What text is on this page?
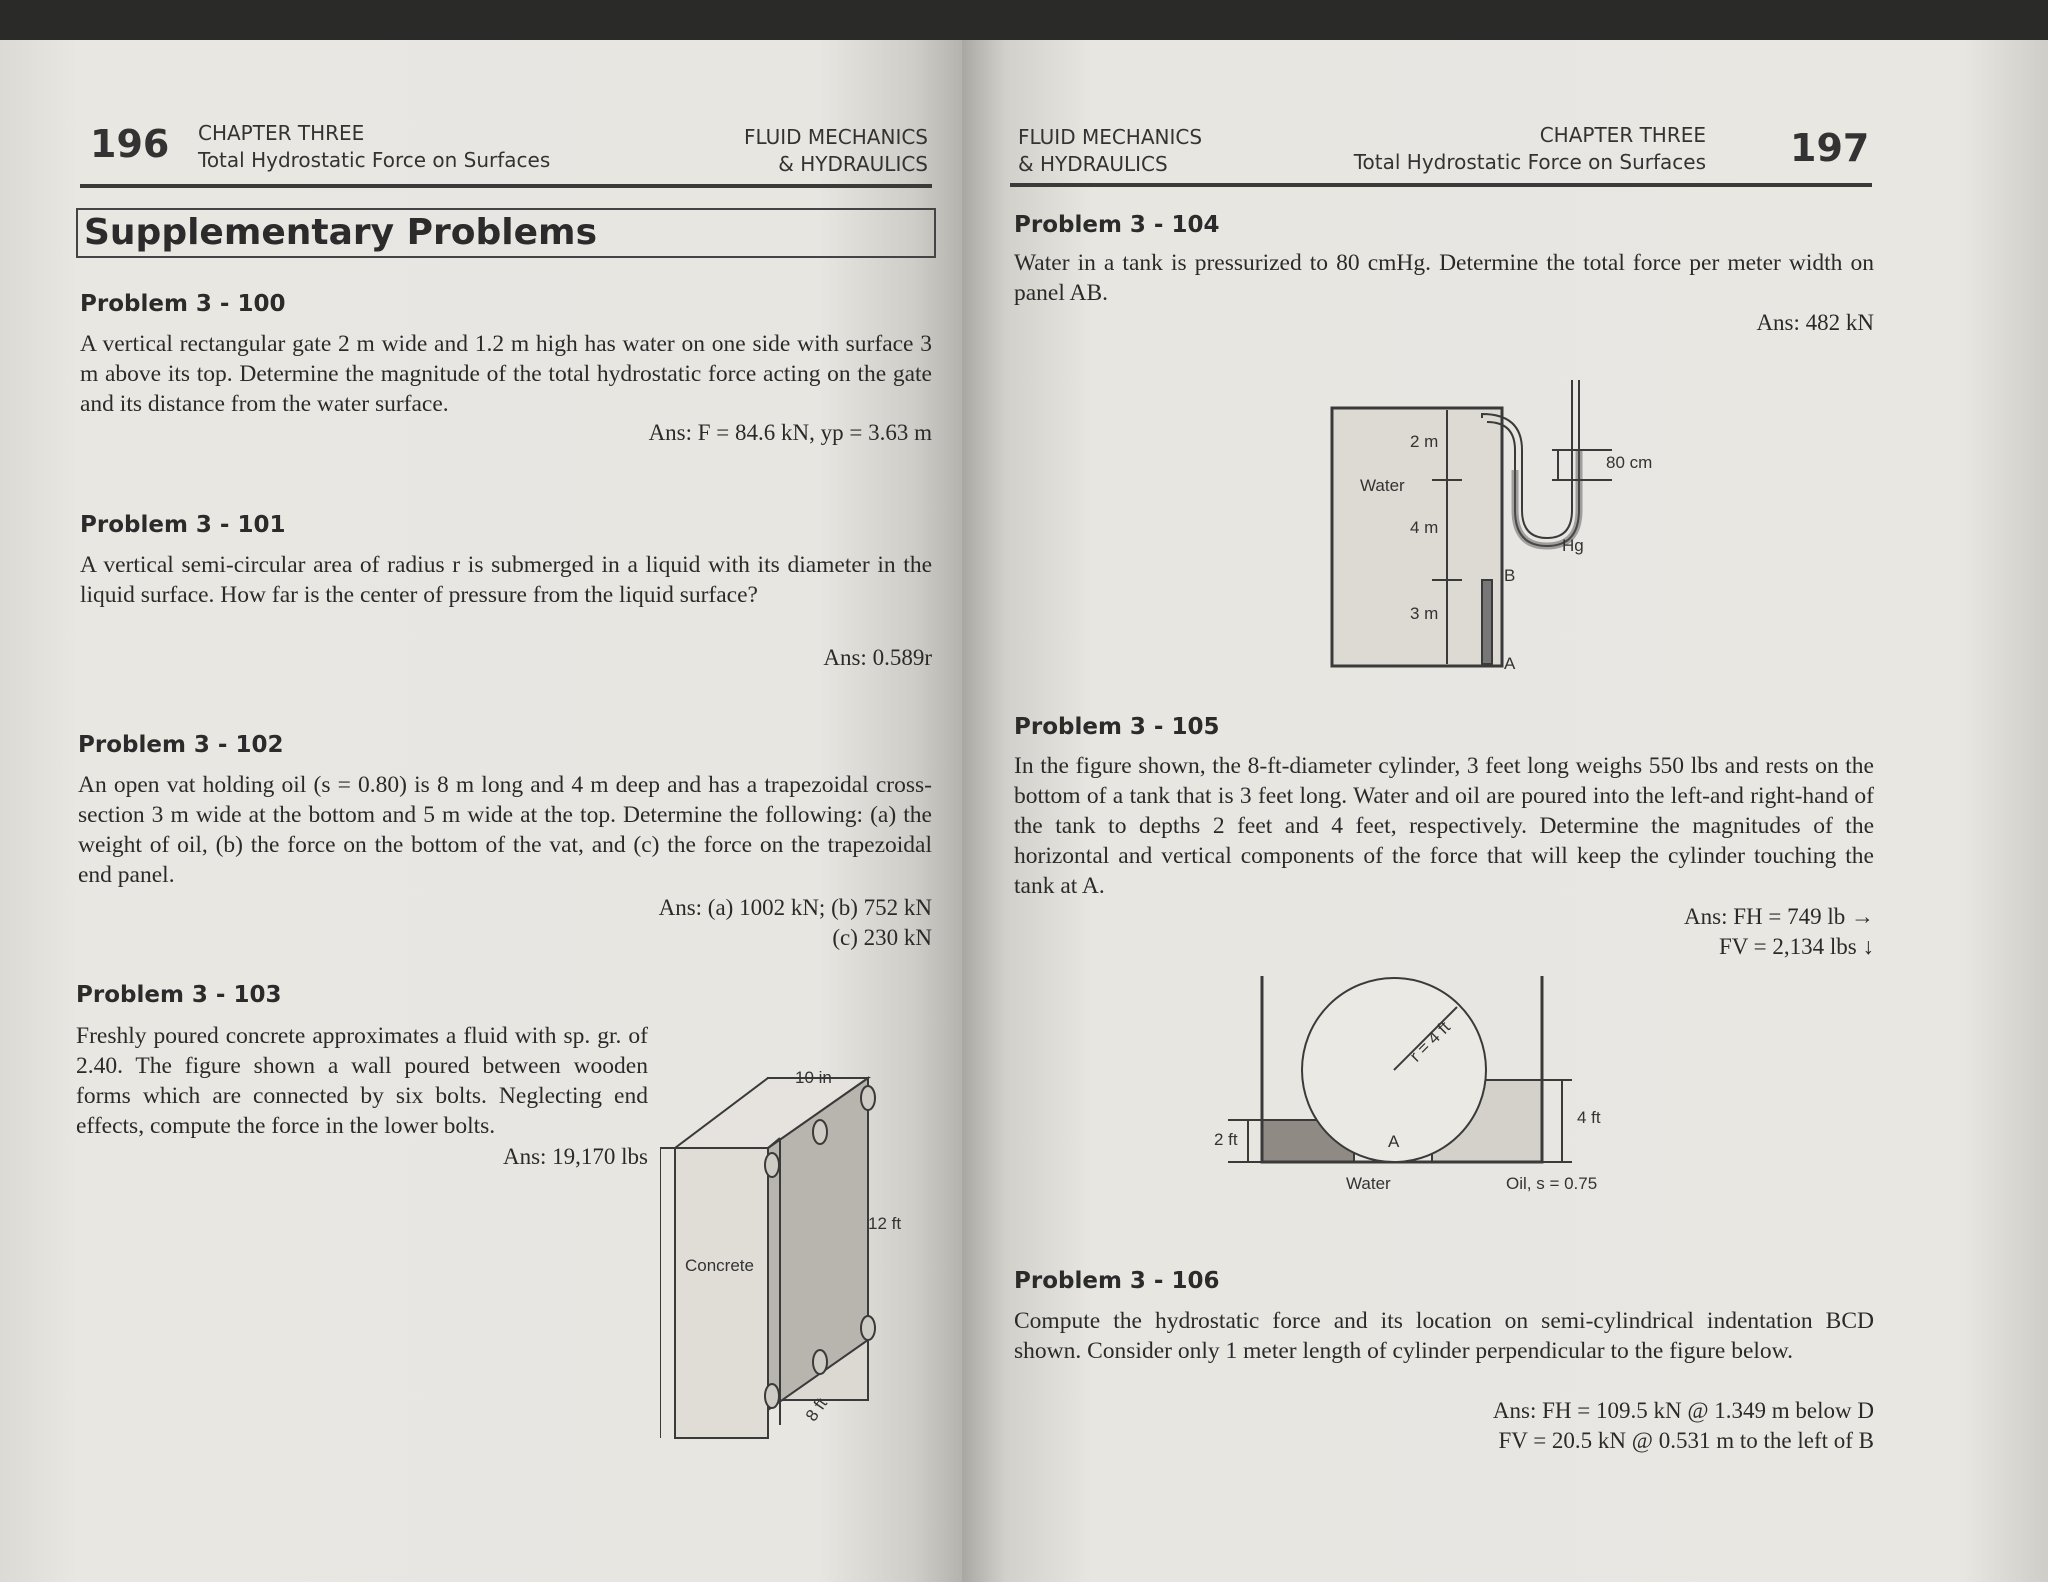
196 CHAPTER THREE
Total Hydrostatic Force on Surfaces
FLUID MECHANICS
& HYDRAULICS
Supplementary Problems
Problem 3 - 100
A vertical rectangular gate 2 m wide and 1.2 m high has water on one side with surface 3 m above its top. Determine the magnitude of the total hydrostatic force acting on the gate and its distance from the water surface.
Ans: F = 84.6 kN, yp = 3.63 m
Problem 3 - 101
A vertical semi-circular area of radius r is submerged in a liquid with its diameter in the liquid surface. How far is the center of pressure from the liquid surface?
Ans: 0.589r
Problem 3 - 102
An open vat holding oil (s = 0.80) is 8 m long and 4 m deep and has a trapezoidal cross-section 3 m wide at the bottom and 5 m wide at the top. Determine the following: (a) the weight of oil, (b) the force on the bottom of the vat, and (c) the force on the trapezoidal end panel.
Ans: (a) 1002 kN; (b) 752 kN
(c) 230 kN
Problem 3 - 103
Freshly poured concrete approximates a fluid with sp. gr. of 2.40. The figure shown a wall poured between wooden forms which are connected by six bolts. Neglecting end effects, compute the force in the lower bolts.
Ans: 19,170 lbs
10 in
12 ft
Concrete
8 ft
FLUID MECHANICS
& HYDRAULICS
CHAPTER THREE
Total Hydrostatic Force on Surfaces 197
Problem 3 - 104
Water in a tank is pressurized to 80 cmHg. Determine the total force per meter width on panel AB.
Ans: 482 kN
2 m
Water
4 m
3 m
80 cm
Hg
B
A
Problem 3 - 105
In the figure shown, the 8-ft-diameter cylinder, 3 feet long weighs 550 lbs and rests on the bottom of a tank that is 3 feet long. Water and oil are poured into the left-and right-hand of the tank to depths 2 feet and 4 feet, respectively. Determine the magnitudes of the horizontal and vertical components of the force that will keep the cylinder touching the tank at A.
Ans: FH = 749 lb →
FV = 2,134 lbs ↓
r = 4 ft
2 ft
4 ft
A
Water	Oil, s = 0.75
Problem 3 - 106
Compute the hydrostatic force and its location on semi-cylindrical indentation BCD shown. Consider only 1 meter length of cylinder perpendicular to the figure below.
Ans: FH = 109.5 kN @ 1.349 m below D
FV = 20.5 kN @ 0.531 m to the left of B
